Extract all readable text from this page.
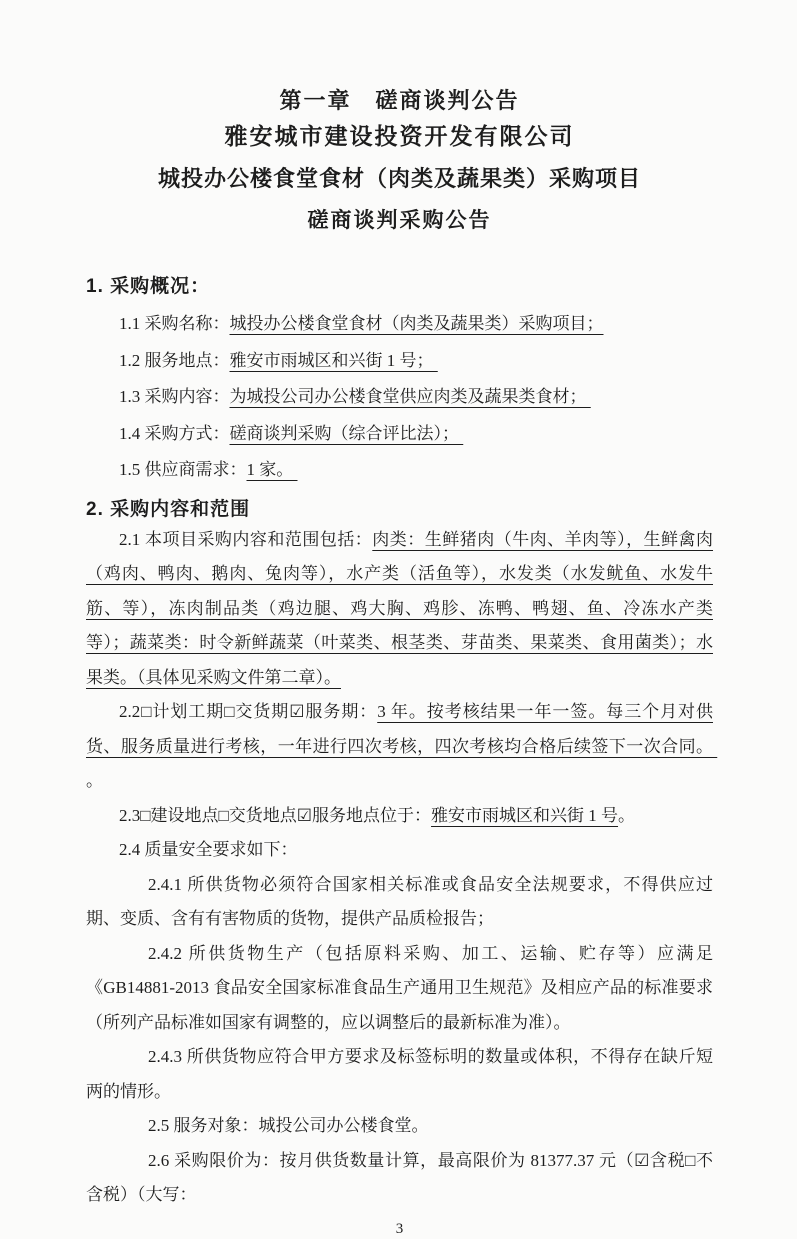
第一章　磋商谈判公告
雅安城市建设投资开发有限公司
城投办公楼食堂食材（肉类及蔬果类）采购项目
磋商谈判采购公告
1. 采购概况：
1.1 采购名称：城投办公楼食堂食材（肉类及蔬果类）采购项目；
1.2 服务地点：雅安市雨城区和兴街 1 号；
1.3 采购内容：为城投公司办公楼食堂供应肉类及蔬果类食材；
1.4 采购方式：磋商谈判采购（综合评比法）；
1.5 供应商需求：1 家。
2. 采购内容和范围
2.1 本项目采购内容和范围包括：肉类：生鲜猪肉（牛肉、羊肉等），生鲜禽肉（鸡肉、鸭肉、鹅肉、兔肉等），水产类（活鱼等），水发类（水发鱿鱼、水发牛筋、等），冻肉制品类（鸡边腿、鸡大胸、鸡胗、冻鸭、鸭翅、鱼、冷冻水产类等）；蔬菜类：时令新鲜蔬菜（叶菜类、根茎类、芽苗类、果菜类、食用菌类）；水果类。（具体见采购文件第二章）。
2.2□计划工期□交货期☑服务期：3 年。按考核结果一年一签。每三个月对供货、服务质量进行考核，一年进行四次考核，四次考核均合格后续签下一次合同。 。
2.3□建设地点□交货地点☑服务地点位于：雅安市雨城区和兴街 1 号。
2.4 质量安全要求如下：
2.4.1 所供货物必须符合国家相关标准或食品安全法规要求，不得供应过期、变质、含有有害物质的货物，提供产品质检报告；
2.4.2 所供货物生产（包括原料采购、加工、运输、贮存等）应满足《GB14881-2013 食品安全国家标准食品生产通用卫生规范》及相应产品的标准要求（所列产品标准如国家有调整的，应以调整后的最新标准为准）。
2.4.3 所供货物应符合甲方要求及标签标明的数量或体积，不得存在缺斤短两的情形。
2.5 服务对象：城投公司办公楼食堂。
2.6 采购限价为：按月供货数量计算，最高限价为 81377.37 元（☑含税□不含税）（大写：
3
